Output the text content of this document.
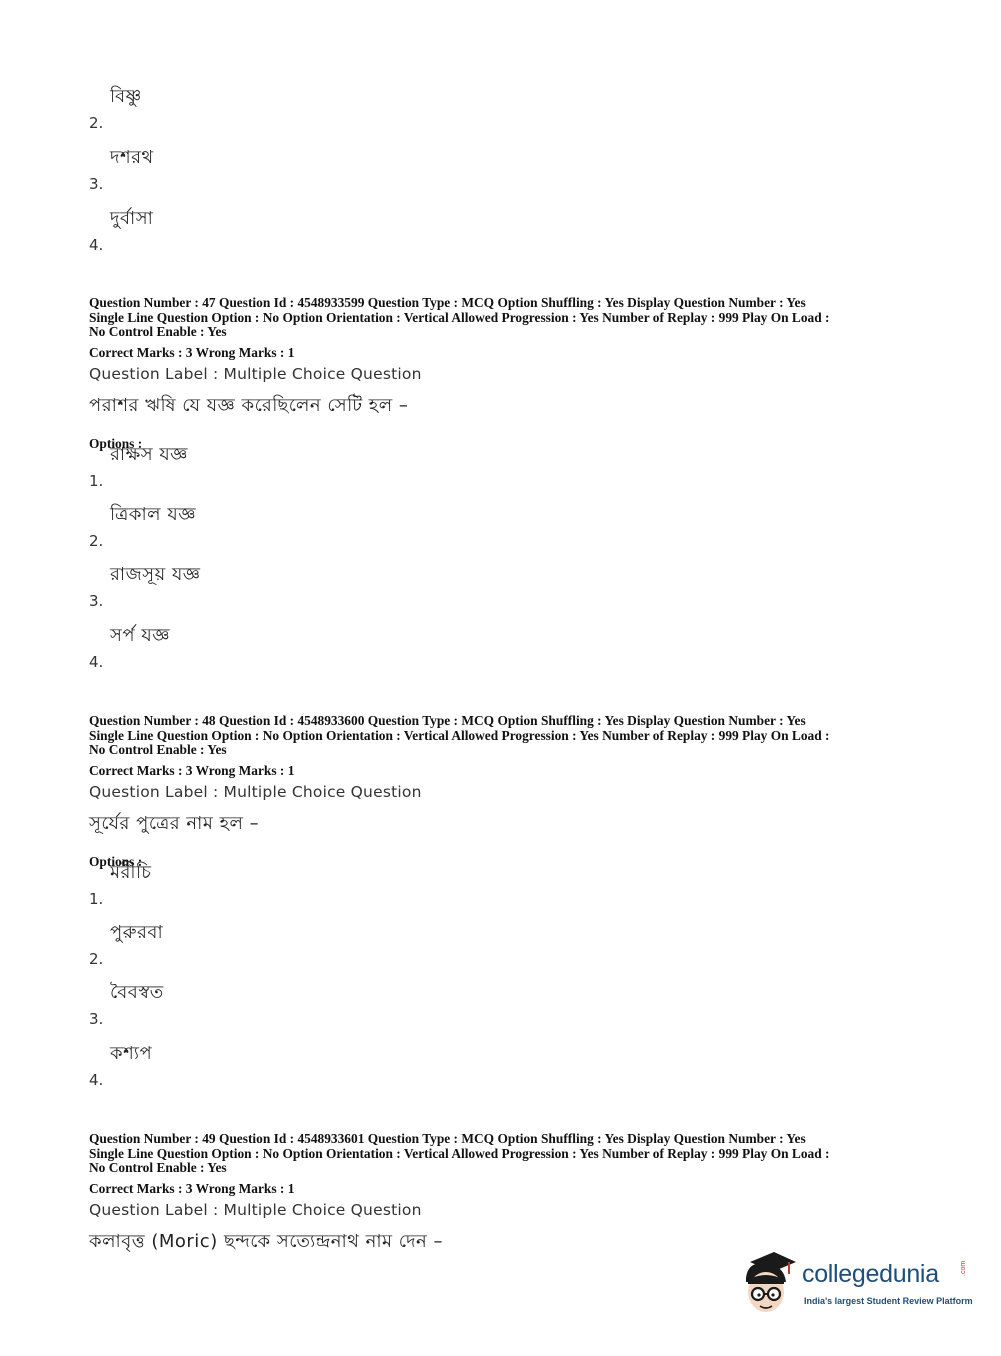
2.
বিষ্ণু
3.
দশরথ
4.
দুর্বাসা

Question Number : 47 Question Id : 4548933599 Question Type : MCQ Option Shuffling : Yes Display Question Number : Yes

Single Line Question Option : No Option Orientation : Vertical Allowed Progression : Yes Number of Replay : 999 Play On Load :

No Control Enable : Yes

Correct Marks : 3 Wrong Marks : 1

Question Label : Multiple Choice Question

পরাশর ঋষি যে যজ্ঞ করেছিলেন সেটি হল –

Options :

1.
রাক্ষস যজ্ঞ
2.
ত্রিকাল যজ্ঞ
3.
রাজসূয় যজ্ঞ
4.
সর্প যজ্ঞ

Question Number : 48 Question Id : 4548933600 Question Type : MCQ Option Shuffling : Yes Display Question Number : Yes

Single Line Question Option : No Option Orientation : Vertical Allowed Progression : Yes Number of Replay : 999 Play On Load :

No Control Enable : Yes

Correct Marks : 3 Wrong Marks : 1

Question Label : Multiple Choice Question

সূর্যের পুত্রের নাম হল –

Options :

1.
মরীচি
2.
পুরুরবা
3.
বৈবস্বত
4.
কশ্যপ

Question Number : 49 Question Id : 4548933601 Question Type : MCQ Option Shuffling : Yes Display Question Number : Yes

Single Line Question Option : No Option Orientation : Vertical Allowed Progression : Yes Number of Replay : 999 Play On Load :

No Control Enable : Yes

Correct Marks : 3 Wrong Marks : 1

Question Label : Multiple Choice Question

কলাবৃত্ত (Moric) ছন্দকে সত্যেন্দ্রনাথ নাম দেন –

collegedunia	.com
India's largest Student Review Platform
